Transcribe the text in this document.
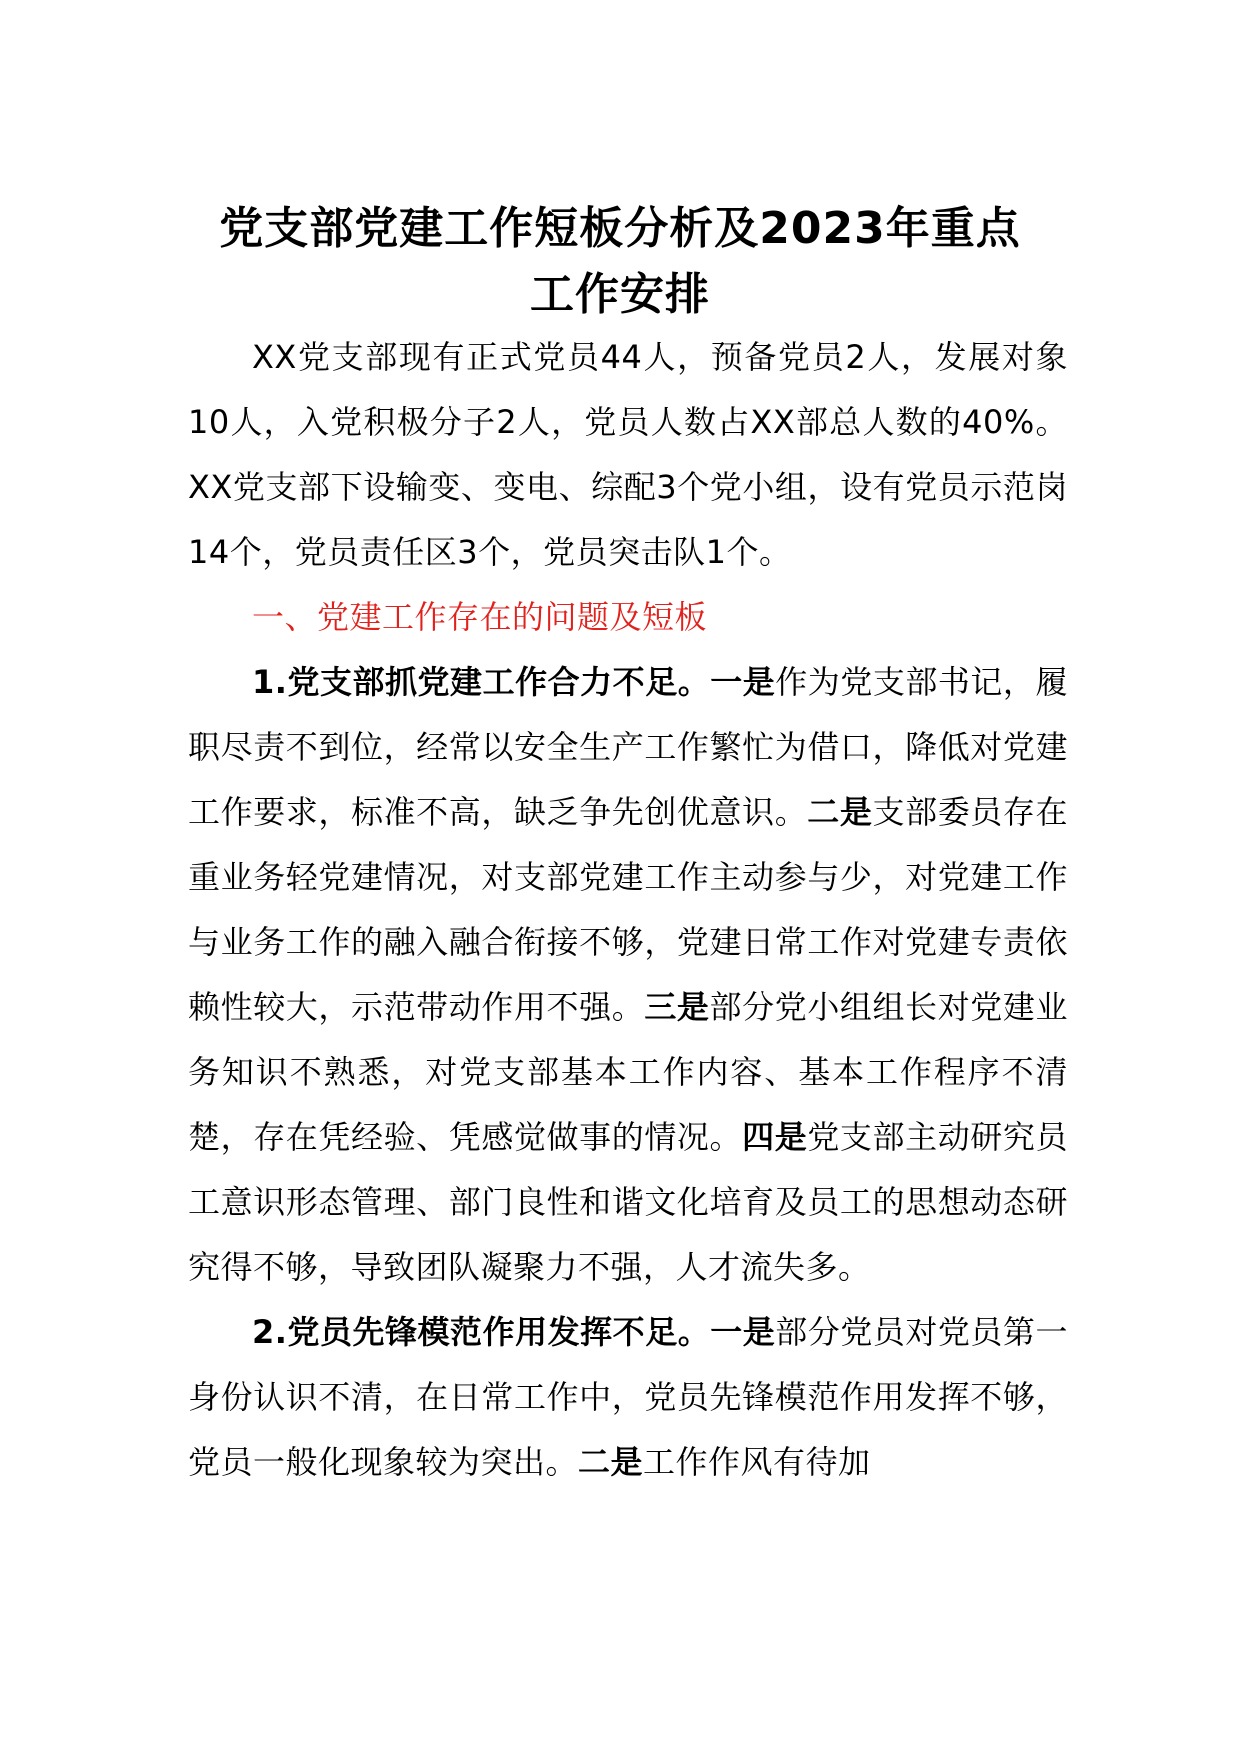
党支部党建工作短板分析及2023年重点
工作安排

XX党支部现有正式党员44人，预备党员2人，发展对象10人，入党积极分子2人，党员人数占XX部总人数的40%。XX党支部下设输变、变电、综配3个党小组，设有党员示范岗14个，党员责任区3个，党员突击队1个。

一、党建工作存在的问题及短板

1.党支部抓党建工作合力不足。一是作为党支部书记，履职尽责不到位，经常以安全生产工作繁忙为借口，降低对党建工作要求，标准不高，缺乏争先创优意识。二是支部委员存在重业务轻党建情况，对支部党建工作主动参与少，对党建工作与业务工作的融入融合衔接不够，党建日常工作对党建专责依赖性较大，示范带动作用不强。三是部分党小组组长对党建业务知识不熟悉，对党支部基本工作内容、基本工作程序不清楚，存在凭经验、凭感觉做事的情况。四是党支部主动研究员工意识形态管理、部门良性和谐文化培育及员工的思想动态研究得不够，导致团队凝聚力不强，人才流失多。

2.党员先锋模范作用发挥不足。一是部分党员对党员第一身份认识不清，在日常工作中，党员先锋模范作用发挥不够，党员一般化现象较为突出。二是工作作风有待加
